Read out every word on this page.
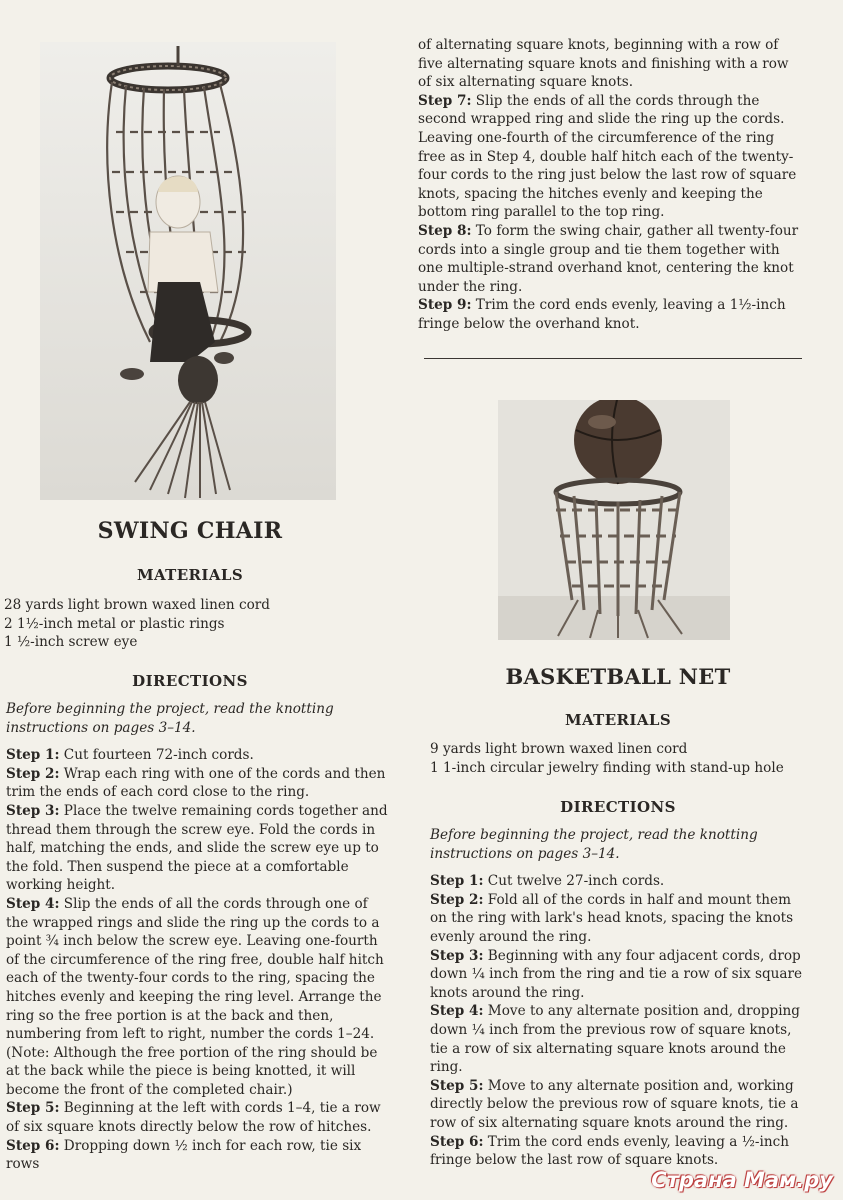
SWING CHAIR
MATERIALS

28 yards light brown waxed linen cord

2 1½-inch metal or plastic rings

1 ½-inch screw eye

DIRECTIONS

Before beginning the project, read the knotting instructions on pages 3–14.

Step 1: Cut fourteen 72-inch cords.

Step 2: Wrap each ring with one of the cords and then trim the ends of each cord close to the ring.

Step 3: Place the twelve remaining cords together and thread them through the screw eye. Fold the cords in half, matching the ends, and slide the screw eye up to the fold. Then suspend the piece at a comfortable working height.

Step 4: Slip the ends of all the cords through one of the wrapped rings and slide the ring up the cords to a point ¾ inch below the screw eye. Leaving one-fourth of the circumference of the ring free, double half hitch each of the twenty-four cords to the ring, spacing the hitches evenly and keeping the ring level. Arrange the ring so the free portion is at the back and then, numbering from left to right, number the cords 1–24. (Note: Although the free portion of the ring should be at the back while the piece is being knotted, it will become the front of the completed chair.)

Step 5: Beginning at the left with cords 1–4, tie a row of six square knots directly below the row of hitches.

Step 6: Dropping down ½ inch for each row, tie six rows

of alternating square knots, beginning with a row of five alternating square knots and finishing with a row of six alternating square knots.

Step 7: Slip the ends of all the cords through the second wrapped ring and slide the ring up the cords. Leaving one-fourth of the circumference of the ring free as in Step 4, double half hitch each of the twenty-four cords to the ring just below the last row of square knots, spacing the hitches evenly and keeping the bottom ring parallel to the top ring.

Step 8: To form the swing chair, gather all twenty-four cords into a single group and tie them together with one multiple-strand overhand knot, centering the knot under the ring.

Step 9: Trim the cord ends evenly, leaving a 1½-inch fringe below the overhand knot.

BASKETBALL NET
MATERIALS

9 yards light brown waxed linen cord

1 1-inch circular jewelry finding with stand-up hole

DIRECTIONS

Before beginning the project, read the knotting instructions on pages 3–14.

Step 1: Cut twelve 27-inch cords.

Step 2: Fold all of the cords in half and mount them on the ring with lark's head knots, spacing the knots evenly around the ring.

Step 3: Beginning with any four adjacent cords, drop down ¼ inch from the ring and tie a row of six square knots around the ring.

Step 4: Move to any alternate position and, dropping down ¼ inch from the previous row of square knots, tie a row of six alternating square knots around the ring.

Step 5: Move to any alternate position and, working directly below the previous row of square knots, tie a row of six alternating square knots around the ring.

Step 6: Trim the cord ends evenly, leaving a ½-inch fringe below the last row of square knots.

Страна Мам.ру
